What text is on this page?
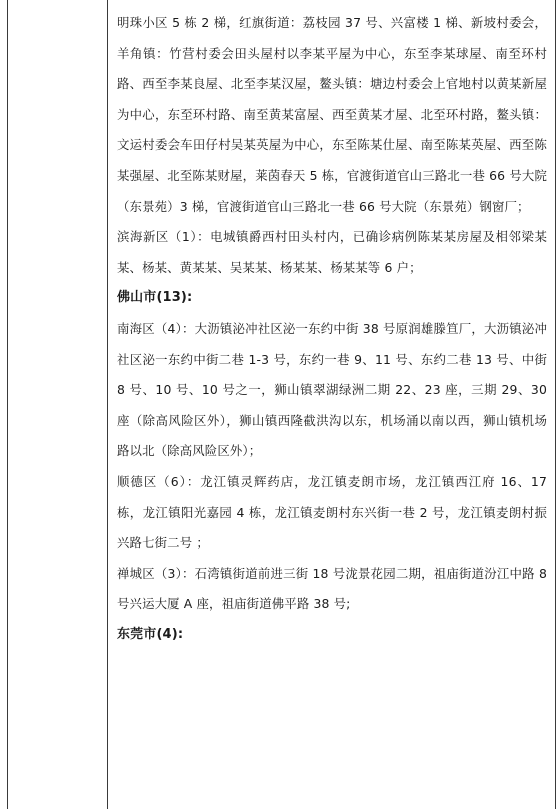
明珠小区 5 栋 2 梯，红旗街道：荔枝园 37 号、兴富楼 1 梯、新坡村委会，羊角镇：竹营村委会田头屋村以李某平屋为中心，东至李某球屋、南至环村路、西至李某良屋、北至李某汉屋，鳌头镇：塘边村委会上官地村以黄某新屋为中心，东至环村路、南至黄某富屋、西至黄某才屋、北至环村路，鳌头镇：文运村委会车田仔村吴某英屋为中心，东至陈某仕屋、南至陈某英屋、西至陈某强屋、北至陈某财屋，莱茵春天 5 栋，官渡街道官山三路北一巷 66 号大院（东景苑）3 梯，官渡街道官山三路北一巷 66 号大院（东景苑）钢窗厂；

滨海新区（1）：电城镇爵西村田头村内，已确诊病例陈某某房屋及相邻梁某某、杨某、黄某某、吴某某、杨某某、杨某某等 6 户；

佛山市(13):

南海区（4）：大沥镇泌冲社区泌一东约中街 38 号原润雄滕笪厂，大沥镇泌冲社区泌一东约中街二巷 1-3 号，东约一巷 9、11 号、东约二巷 13 号、中街 8 号、10 号、10 号之一，狮山镇翠湖绿洲二期 22、23 座，三期 29、30 座（除高风险区外），狮山镇西隆截洪沟以东，机场涌以南以西，狮山镇机场路以北（除高风险区外）；

顺德区（6）：龙江镇灵辉药店，龙江镇麦朗市场，龙江镇西江府 16、17 栋，龙江镇阳光嘉园 4 栋，龙江镇麦朗村东兴街一巷 2 号，龙江镇麦朗村振兴路七街二号 ；

禅城区（3）：石湾镇街道前进三街 18 号泷景花园二期，祖庙街道汾江中路 8 号兴运大厦 A 座，祖庙街道佛平路 38 号;

东莞市(4):
